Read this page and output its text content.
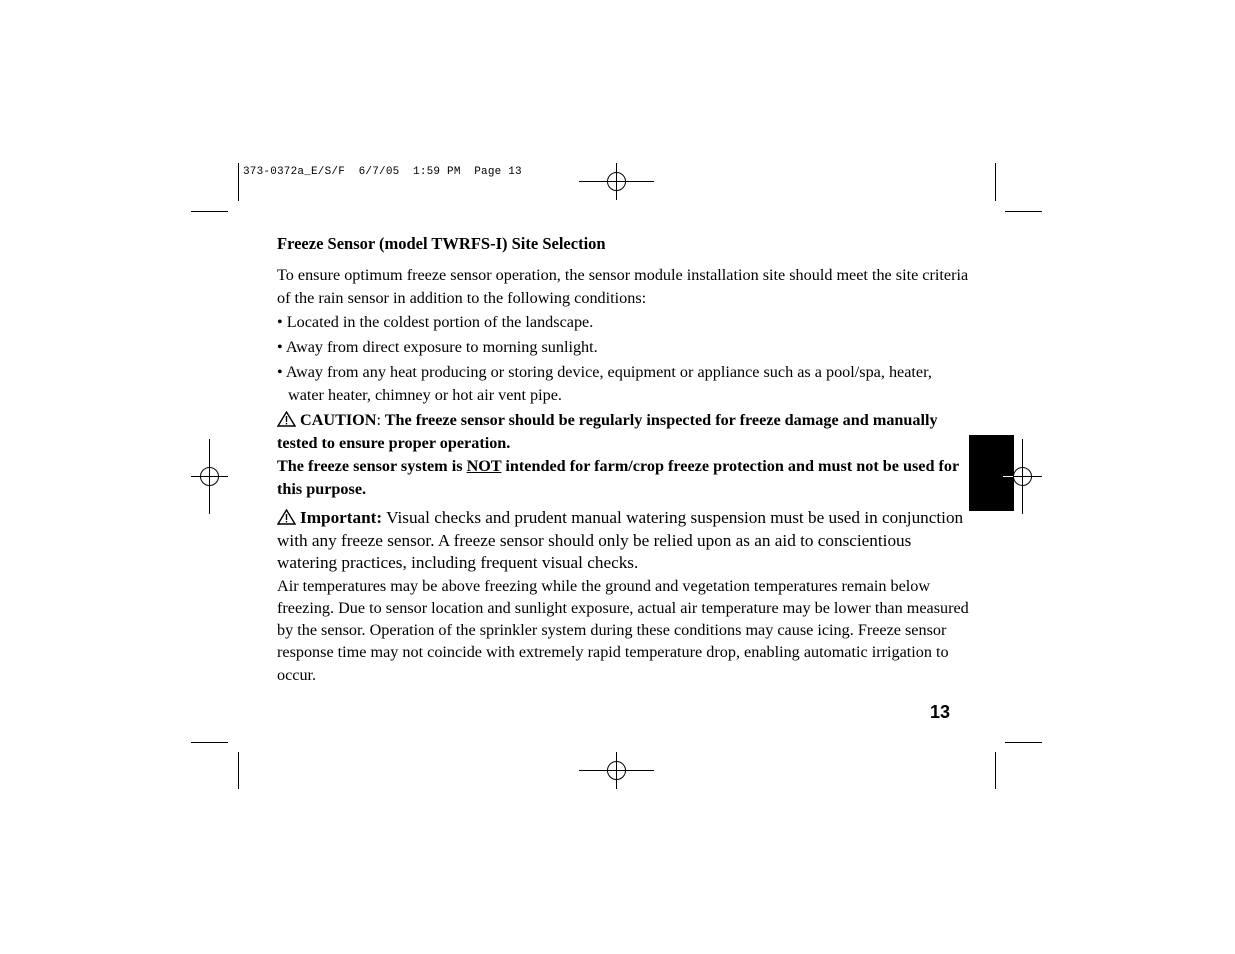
373-0372a_E/S/F  6/7/05  1:59 PM  Page 13

Freeze Sensor (model TWRFS-I) Site Selection

To ensure optimum freeze sensor operation, the sensor module installation site should meet the site criteria of the rain sensor in addition to the following conditions:

• Located in the coldest portion of the landscape.

• Away from direct exposure to morning sunlight.

• Away from any heat producing or storing device, equipment or appliance such as a pool/spa, heater, water heater, chimney or hot air vent pipe.

CAUTION: The freeze sensor should be regularly inspected for freeze damage and manually tested to ensure proper operation.

The freeze sensor system is NOT intended for farm/crop freeze protection and must not be used for this purpose.

Important: Visual checks and prudent manual watering suspension must be used in conjunction with any freeze sensor. A freeze sensor should only be relied upon as an aid to conscientious watering practices, including frequent visual checks.

Air temperatures may be above freezing while the ground and vegetation temperatures remain below freezing. Due to sensor location and sunlight exposure, actual air temperature may be lower than measured by the sensor. Operation of the sprinkler system during these conditions may cause icing. Freeze sensor response time may not coincide with extremely rapid temperature drop, enabling automatic irrigation to occur.

13
